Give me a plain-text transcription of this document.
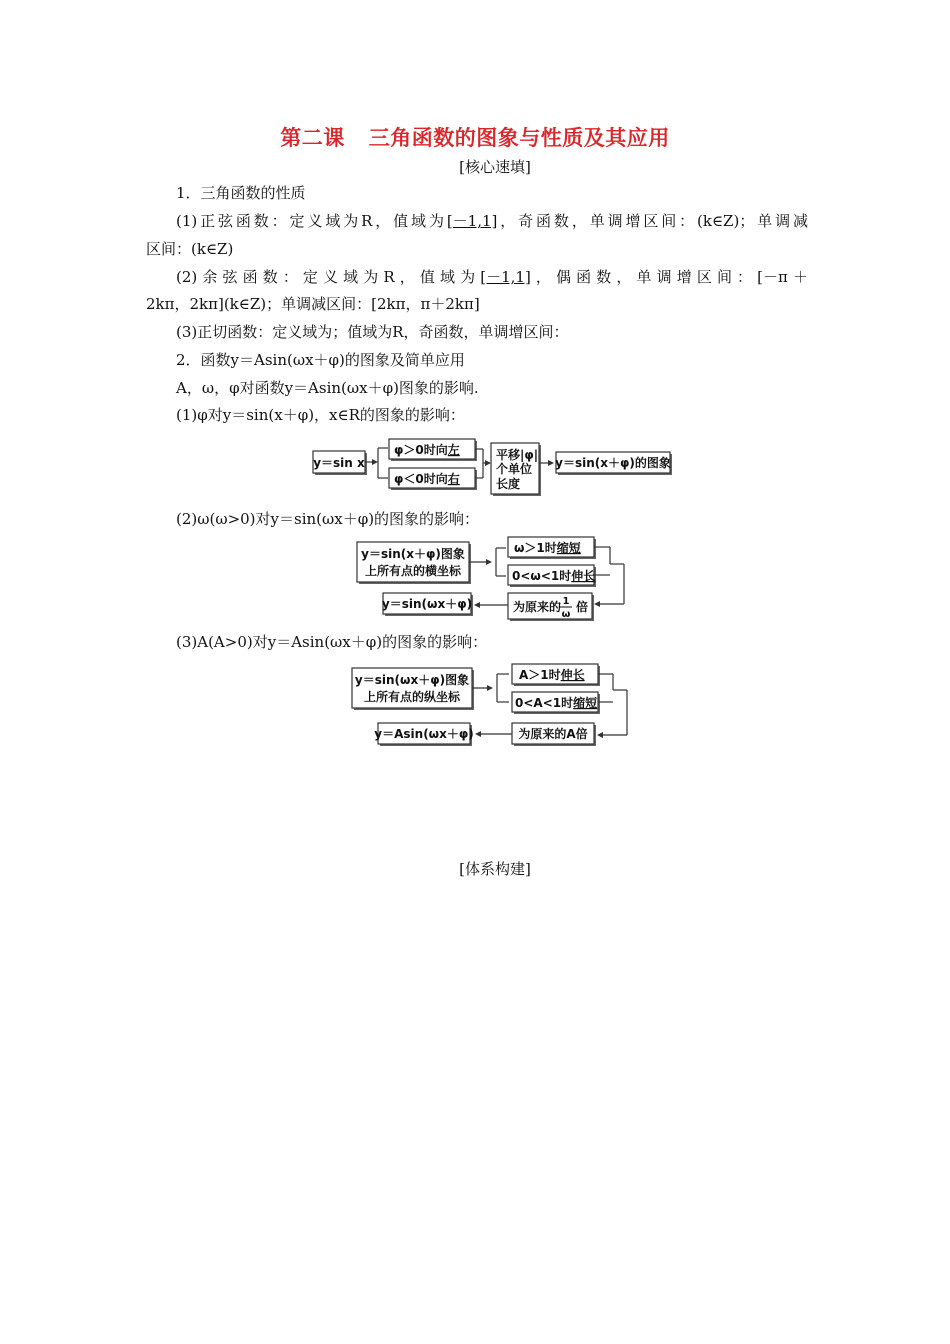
第二课 三角函数的图象与性质及其应用
[核心速填]
1．三角函数的性质
(1)正弦函数：定义域为R，值域为[－1,1]，奇函数，单调增区间：(k∈Z)；单调减
区间：(k∈Z)
(2)余弦函数：定义域为R，值域为[－1,1]，偶函数，单调增区间：[－π＋
2kπ，2kπ](k∈Z)；单调减区间：[2kπ，π＋2kπ]
(3)正切函数：定义域为；值域为R，奇函数，单调增区间：
2．函数y＝Asin(ωx＋φ)的图象及简单应用
A，ω，φ对函数y＝Asin(ωx＋φ)图象的影响.
(1)φ对y＝sin(x＋φ)，x∈R的图象的影响：
y＝sin x
φ＞0时向左
φ＜0时向右
平移|φ|
个单位
长度
y＝sin(x＋φ)的图象
(2)ω(ω>0)对y＝sin(ωx＋φ)的图象的影响：
y＝sin(x＋φ)图象
上所有点的横坐标
ω＞1时缩短
0<ω<1时伸长
为原来的 1
ω
倍
y＝sin(ωx＋φ)
(3)A(A>0)对y＝Asin(ωx＋φ)的图象的影响：
y＝sin(ωx＋φ)图象
上所有点的纵坐标
A＞1时伸长
0<A<1时缩短
为原来的A倍
y＝Asin(ωx＋φ)
[体系构建]
